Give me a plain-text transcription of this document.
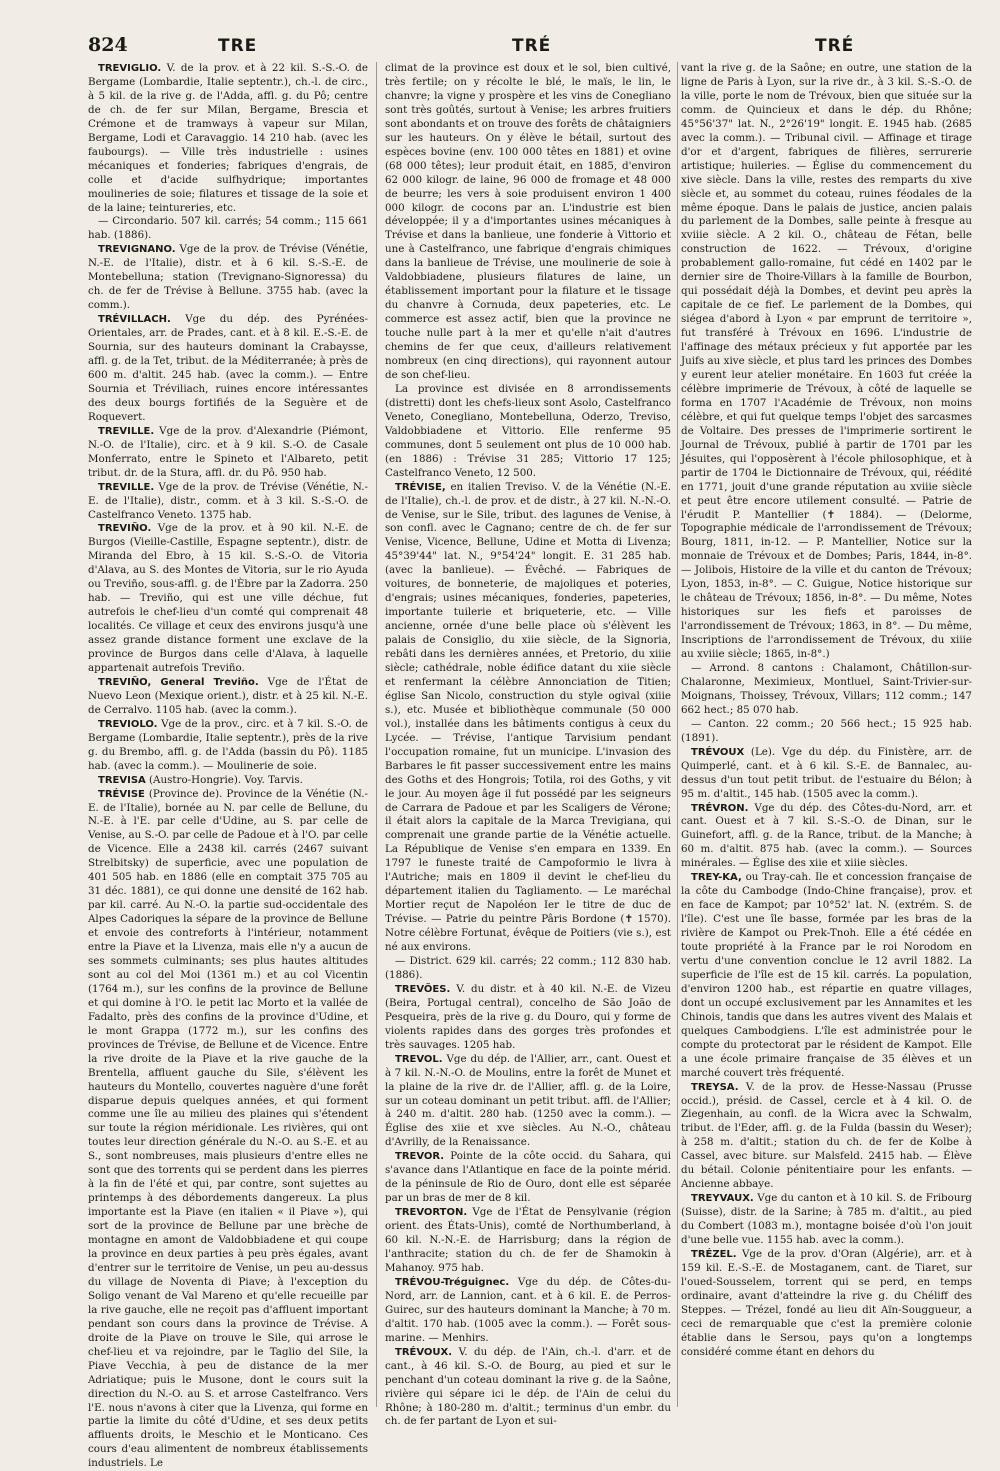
824	TRE	TRÉ	TRÉ

TREVIGLIO. V. de la prov. et à 22 kil. S.-S.-O. de Bergame (Lombardie, Italie septentr.), ch.-l. de circ., à 5 kil. de la rive g. de l'Adda, affl. g. du Pô; centre de ch. de fer sur Milan, Bergame, Brescia et Crémone et de tramways à vapeur sur Milan, Bergame, Lodi et Caravaggio. 14 210 hab. (avec les faubourgs). — Ville très industrielle : usines mécaniques et fonderies; fabriques d'engrais, de colle et d'acide sulfhydrique; importantes moulineries de soie; filatures et tissage de la soie et de la laine; teintureries, etc.

— Circondario. 507 kil. carrés; 54 comm.; 115 661 hab. (1886).

TREVIGNANO. Vge de la prov. de Trévise (Vénétie, N.-E. de l'Italie), distr. et à 6 kil. S.-S.-E. de Montebelluna; station (Trevignano-Signoressa) du ch. de fer de Trévise à Bellune. 3755 hab. (avec la comm.).

TRÉVILLACH. Vge du dép. des Pyrénées-Orientales, arr. de Prades, cant. et à 8 kil. E.-S.-E. de Sournia, sur des hauteurs dominant la Crabaysse, affl. g. de la Tet, tribut. de la Méditerranée; à près de 600 m. d'altit. 245 hab. (avec la comm.). — Entre Sournia et Tréviliach, ruines encore intéressantes des deux bourgs fortifiés de la Seguère et de Roquevert.

TREVILLE. Vge de la prov. d'Alexandrie (Piémont, N.-O. de l'Italie), circ. et à 9 kil. S.-O. de Casale Monferrato, entre le Spineto et l'Albareto, petit tribut. dr. de la Stura, affl. dr. du Pô. 950 hab.

TREVILLE. Vge de la prov. de Trévise (Vénétie, N.-E. de l'Italie), distr., comm. et à 3 kil. S.-S.-O. de Castelfranco Veneto. 1375 hab.

TREVIÑO. Vge de la prov. et à 90 kil. N.-E. de Burgos (Vieille-Castille, Espagne septentr.), distr. de Miranda del Ebro, à 15 kil. S.-S.-O. de Vitoria d'Alava, au S. des Montes de Vitoria, sur le rio Ayuda ou Treviño, sous-affl. g. de l'Èbre par la Zadorra. 250 hab. — Treviño, qui est une ville déchue, fut autrefois le chef-lieu d'un comté qui comprenait 48 localités. Ce village et ceux des environs jusqu'à une assez grande distance forment une exclave de la province de Burgos dans celle d'Alava, à laquelle appartenait autrefois Treviño.

TREVIÑO, General Treviño. Vge de l'État de Nuevo Leon (Mexique orient.), distr. et à 25 kil. N.-E. de Cerralvo. 1105 hab. (avec la comm.).

TREVIOLO. Vge de la prov., circ. et à 7 kil. S.-O. de Bergame (Lombardie, Italie septentr.), près de la rive g. du Brembo, affl. g. de l'Adda (bassin du Pô). 1185 hab. (avec la comm.). — Moulinerie de soie.

TREVISA (Austro-Hongrie). Voy. Tarvis.

TRÉVISE (Province de). Province de la Vénétie (N.-E. de l'Italie), bornée au N. par celle de Bellune, du N.-E. à l'E. par celle d'Udine, au S. par celle de Venise, au S.-O. par celle de Padoue et à l'O. par celle de Vicence. Elle a 2438 kil. carrés (2467 suivant Strelbitsky) de superficie, avec une population de 401 505 hab. en 1886 (elle en comptait 375 705 au 31 déc. 1881), ce qui donne une densité de 162 hab. par kil. carré. Au N.-O. la partie sud-occidentale des Alpes Cadoriques la sépare de la province de Bellune et envoie des contreforts à l'intérieur, notamment entre la Piave et la Livenza, mais elle n'y a aucun de ses sommets culminants; ses plus hautes altitudes sont au col del Moi (1361 m.) et au col Vicentin (1764 m.), sur les confins de la province de Bellune et qui domine à l'O. le petit lac Morto et la vallée de Fadalto, près des confins de la province d'Udine, et le mont Grappa (1772 m.), sur les confins des provinces de Trévise, de Bellune et de Vicence. Entre la rive droite de la Piave et la rive gauche de la Brentella, affluent gauche du Sile, s'élèvent les hauteurs du Montello, couvertes naguère d'une forêt disparue depuis quelques années, et qui forment comme une île au milieu des plaines qui s'étendent sur toute la région méridionale. Les rivières, qui ont toutes leur direction générale du N.-O. au S.-E. et au S., sont nombreuses, mais plusieurs d'entre elles ne sont que des torrents qui se perdent dans les pierres à la fin de l'été et qui, par contre, sont sujettes au printemps à des débordements dangereux. La plus importante est la Piave (en italien « il Piave »), qui sort de la province de Bellune par une brèche de montagne en amont de Valdobbiadene et qui coupe la province en deux parties à peu près égales, avant d'entrer sur le territoire de Venise, un peu au-dessus du village de Noventa di Piave; à l'exception du Soligo venant de Val Mareno et qu'elle recueille par la rive gauche, elle ne reçoit pas d'affluent important pendant son cours dans la province de Trévise. A droite de la Piave on trouve le Sile, qui arrose le chef-lieu et va rejoindre, par le Taglio del Sile, la Piave Vecchia, à peu de distance de la mer Adriatique; puis le Musone, dont le cours suit la direction du N.-O. au S. et arrose Castelfranco. Vers l'E. nous n'avons à citer que la Livenza, qui forme en partie la limite du côté d'Udine, et ses deux petits affluents droits, le Meschio et le Monticano. Ces cours d'eau alimentent de nombreux établissements industriels. Le

climat de la province est doux et le sol, bien cultivé, très fertile; on y récolte le blé, le maïs, le lin, le chanvre; la vigne y prospère et les vins de Conegliano sont très goûtés, surtout à Venise; les arbres fruitiers sont abondants et on trouve des forêts de châtaigniers sur les hauteurs. On y élève le bétail, surtout des espèces bovine (env. 100 000 têtes en 1881) et ovine (68 000 têtes); leur produit était, en 1885, d'environ 62 000 kilogr. de laine, 96 000 de fromage et 48 000 de beurre; les vers à soie produisent environ 1 400 000 kilogr. de cocons par an. L'industrie est bien développée; il y a d'importantes usines mécaniques à Trévise et dans la banlieue, une fonderie à Vittorio et une à Castelfranco, une fabrique d'engrais chimiques dans la banlieue de Trévise, une moulinerie de soie à Valdobbiadene, plusieurs filatures de laine, un établissement important pour la filature et le tissage du chanvre à Cornuda, deux papeteries, etc. Le commerce est assez actif, bien que la province ne touche nulle part à la mer et qu'elle n'ait d'autres chemins de fer que ceux, d'ailleurs relativement nombreux (en cinq directions), qui rayonnent autour de son chef-lieu.

La province est divisée en 8 arrondissements (distretti) dont les chefs-lieux sont Asolo, Castelfranco Veneto, Conegliano, Montebelluna, Oderzo, Treviso, Valdobbiadene et Vittorio. Elle renferme 95 communes, dont 5 seulement ont plus de 10 000 hab. (en 1886) : Trévise 31 285; Vittorio 17 125; Castelfranco Veneto, 12 500.

TRÉVISE, en italien Treviso. V. de la Vénétie (N.-E. de l'Italie), ch.-l. de prov. et de distr., à 27 kil. N.-N.-O. de Venise, sur le Sile, tribut. des lagunes de Venise, à son confl. avec le Cagnano; centre de ch. de fer sur Venise, Vicence, Bellune, Udine et Motta di Livenza; 45°39'44" lat. N., 9°54'24" longit. E. 31 285 hab. (avec la banlieue). — Évêché. — Fabriques de voitures, de bonneterie, de majoliques et poteries, d'engrais; usines mécaniques, fonderies, papeteries, importante tuilerie et briqueterie, etc. — Ville ancienne, ornée d'une belle place où s'élèvent les palais de Consiglio, du xiie siècle, de la Signoria, rebâti dans les dernières années, et Pretorio, du xiiie siècle; cathédrale, noble édifice datant du xiie siècle et renfermant la célèbre Annonciation de Titien; église San Nicolo, construction du style ogival (xiiie s.), etc. Musée et bibliothèque communale (50 000 vol.), installée dans les bâtiments contigus à ceux du Lycée. — Trévise, l'antique Tarvisium pendant l'occupation romaine, fut un municipe. L'invasion des Barbares le fit passer successivement entre les mains des Goths et des Hongrois; Totila, roi des Goths, y vit le jour. Au moyen âge il fut possédé par les seigneurs de Carrara de Padoue et par les Scaligers de Vérone; il était alors la capitale de la Marca Trevigiana, qui comprenait une grande partie de la Vénétie actuelle. La République de Venise s'en empara en 1339. En 1797 le funeste traité de Campoformio le livra à l'Autriche; mais en 1809 il devint le chef-lieu du département italien du Tagliamento. — Le maréchal Mortier reçut de Napoléon Ier le titre de duc de Trévise. — Patrie du peintre Pâris Bordone (✝ 1570). Notre célèbre Fortunat, évêque de Poitiers (vie s.), est né aux environs.

— District. 629 kil. carrés; 22 comm.; 112 830 hab. (1886).

TREVÕES. V. du distr. et à 40 kil. N.-E. de Vizeu (Beira, Portugal central), concelho de São João de Pesqueira, près de la rive g. du Douro, qui y forme de violents rapides dans des gorges très profondes et très sauvages. 1205 hab.

TREVOL. Vge du dép. de l'Allier, arr., cant. Ouest et à 7 kil. N.-N.-O. de Moulins, entre la forêt de Munet et la plaine de la rive dr. de l'Allier, affl. g. de la Loire, sur un coteau dominant un petit tribut. affl. de l'Allier; à 240 m. d'altit. 280 hab. (1250 avec la comm.). — Église des xiie et xve siècles. Au N.-O., château d'Avrilly, de la Renaissance.

TREVOR. Pointe de la côte occid. du Sahara, qui s'avance dans l'Atlantique en face de la pointe mérid. de la péninsule de Rio de Ouro, dont elle est séparée par un bras de mer de 8 kil.

TREVORTON. Vge de l'État de Pensylvanie (région orient. des États-Unis), comté de Northumberland, à 60 kil. N.-N.-E. de Harrisburg; dans la région de l'anthracite; station du ch. de fer de Shamokin à Mahanoy. 975 hab.

TRÉVOU-Tréguignec. Vge du dép. de Côtes-du-Nord, arr. de Lannion, cant. et à 6 kil. E. de Perros-Guirec, sur des hauteurs dominant la Manche; à 70 m. d'altit. 170 hab. (1005 avec la comm.). — Forêt sous-marine. — Menhirs.

TRÉVOUX. V. du dép. de l'Ain, ch.-l. d'arr. et de cant., à 46 kil. S.-O. de Bourg, au pied et sur le penchant d'un coteau dominant la rive g. de la Saône, rivière qui sépare ici le dép. de l'Ain de celui du Rhône; à 180-280 m. d'altit.; terminus d'un embr. du ch. de fer partant de Lyon et sui-

vant la rive g. de la Saône; en outre, une station de la ligne de Paris à Lyon, sur la rive dr., à 3 kil. S.-S.-O. de la ville, porte le nom de Trévoux, bien que située sur la comm. de Quincieux et dans le dép. du Rhône; 45°56'37" lat. N., 2°26'19" longit. E. 1945 hab. (2685 avec la comm.). — Tribunal civil. — Affinage et tirage d'or et d'argent, fabriques de filières, serrurerie artistique; huileries. — Église du commencement du xive siècle. Dans la ville, restes des remparts du xive siècle et, au sommet du coteau, ruines féodales de la même époque. Dans le palais de justice, ancien palais du parlement de la Dombes, salle peinte à fresque au xviiie siècle. A 2 kil. O., château de Fétan, belle construction de 1622. — Trévoux, d'origine probablement gallo-romaine, fut cédé en 1402 par le dernier sire de Thoire-Villars à la famille de Bourbon, qui possédait déjà la Dombes, et devint peu après la capitale de ce fief. Le parlement de la Dombes, qui siégea d'abord à Lyon « par emprunt de territoire », fut transféré à Trévoux en 1696. L'industrie de l'affinage des métaux précieux y fut apportée par les Juifs au xive siècle, et plus tard les princes des Dombes y eurent leur atelier monétaire. En 1603 fut créée la célèbre imprimerie de Trévoux, à côté de laquelle se forma en 1707 l'Académie de Trévoux, non moins célèbre, et qui fut quelque temps l'objet des sarcasmes de Voltaire. Des presses de l'imprimerie sortirent le Journal de Trévoux, publié à partir de 1701 par les Jésuites, qui l'opposèrent à l'école philosophique, et à partir de 1704 le Dictionnaire de Trévoux, qui, réédité en 1771, jouit d'une grande réputation au xviiie siècle et peut être encore utilement consulté. — Patrie de l'érudit P. Mantellier (✝ 1884). — (Delorme, Topographie médicale de l'arrondissement de Trévoux; Bourg, 1811, in-12. — P. Mantellier, Notice sur la monnaie de Trévoux et de Dombes; Paris, 1844, in-8°. — Jolibois, Histoire de la ville et du canton de Trévoux; Lyon, 1853, in-8°. — C. Guigue, Notice historique sur le château de Trévoux; 1856, in-8°. — Du même, Notes historiques sur les fiefs et paroisses de l'arrondissement de Trévoux; 1863, in 8°. — Du même, Inscriptions de l'arrondissement de Trévoux, du xiiie au xviiie siècle; 1865, in-8°.)

— Arrond. 8 cantons : Chalamont, Châtillon-sur-Chalaronne, Meximieux, Montluel, Saint-Trivier-sur-Moignans, Thoissey, Trévoux, Villars; 112 comm.; 147 662 hect.; 85 070 hab.

— Canton. 22 comm.; 20 566 hect.; 15 925 hab. (1891).

TRÉVOUX (Le). Vge du dép. du Finistère, arr. de Quimperlé, cant. et à 6 kil. S.-E. de Bannalec, au-dessus d'un tout petit tribut. de l'estuaire du Bélon; à 95 m. d'altit., 145 hab. (1505 avec la comm.).

TRÉVRON. Vge du dép. des Côtes-du-Nord, arr. et cant. Ouest et à 7 kil. S.-S.-O. de Dinan, sur le Guinefort, affl. g. de la Rance, tribut. de la Manche; à 60 m. d'altit. 875 hab. (avec la comm.). — Sources minérales. — Église des xiie et xiiie siècles.

TREY-KA, ou Tray-cah. Ile et concession française de la côte du Cambodge (Indo-Chine française), prov. et en face de Kampot; par 10°52' lat. N. (extrém. S. de l'île). C'est une île basse, formée par les bras de la rivière de Kampot ou Prek-Tnoh. Elle a été cédée en toute propriété à la France par le roi Norodom en vertu d'une convention conclue le 12 avril 1882. La superficie de l'île est de 15 kil. carrés. La population, d'environ 1200 hab., est répartie en quatre villages, dont un occupé exclusivement par les Annamites et les Chinois, tandis que dans les autres vivent des Malais et quelques Cambodgiens. L'île est administrée pour le compte du protectorat par le résident de Kampot. Elle a une école primaire française de 35 élèves et un marché couvert très fréquenté.

TREYSA. V. de la prov. de Hesse-Nassau (Prusse occid.), présid. de Cassel, cercle et à 4 kil. O. de Ziegenhain, au confl. de la Wicra avec la Schwalm, tribut. de l'Eder, affl. g. de la Fulda (bassin du Weser); à 258 m. d'altit.; station du ch. de fer de Kolbe à Cassel, avec biture. sur Malsfeld. 2415 hab. — Élève du bétail. Colonie pénitentiaire pour les enfants. — Ancienne abbaye.

TREYVAUX. Vge du canton et à 10 kil. S. de Fribourg (Suisse), distr. de la Sarine; à 785 m. d'altit., au pied du Combert (1083 m.), montagne boisée d'où l'on jouit d'une belle vue. 1155 hab. avec la comm.).

TRÉZEL. Vge de la prov. d'Oran (Algérie), arr. et à 159 kil. E.-S.-E. de Mostaganem, cant. de Tiaret, sur l'oued-Sousselem, torrent qui se perd, en temps ordinaire, avant d'atteindre la rive g. du Chéliff des Steppes. — Trézel, fondé au lieu dit Aïn-Souggueur, a ceci de remarquable que c'est la première colonie établie dans le Sersou, pays qu'on a longtemps considéré comme étant en dehors du
